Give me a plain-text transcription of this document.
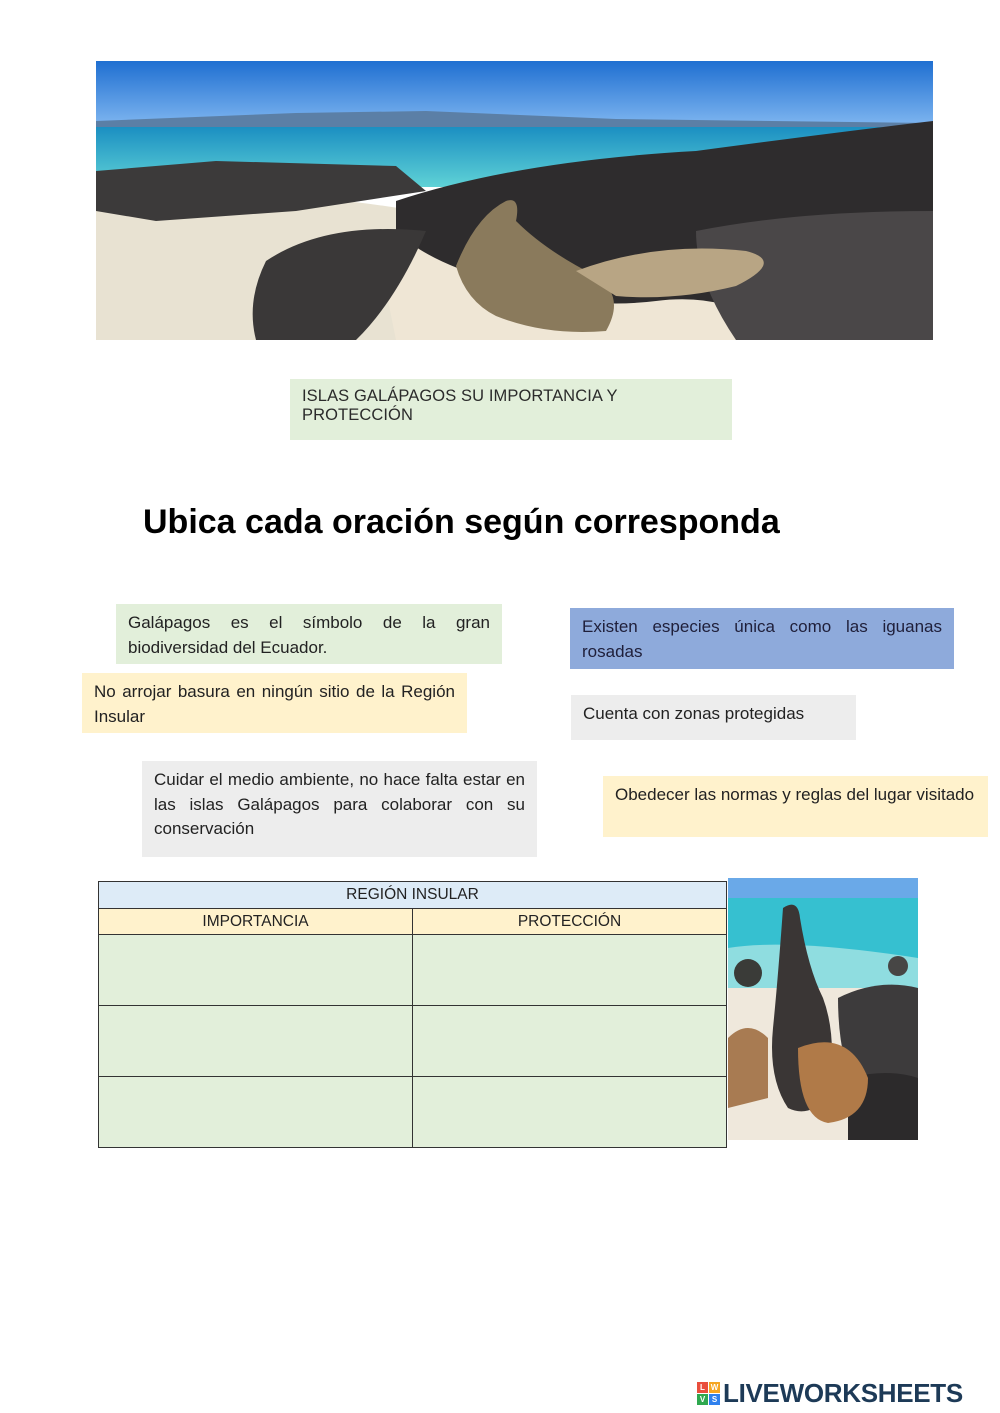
ISLAS GALÁPAGOS SU IMPORTANCIA Y PROTECCIÓN
Ubica cada oración según corresponda
Galápagos es el símbolo de la gran biodiversidad del Ecuador.
Existen especies única como las iguanas rosadas
No arrojar basura en ningún sitio de la Región Insular	Cuenta con zonas protegidas
Cuidar el medio ambiente, no hace falta estar en las islas Galápagos para colaborar con su conservación
Obedecer las normas y reglas del lugar visitado
REGIÓN INSULAR	
IMPORTANCIA	PROTECCIÓN

L W
V S LIVEWORKSHEETS
